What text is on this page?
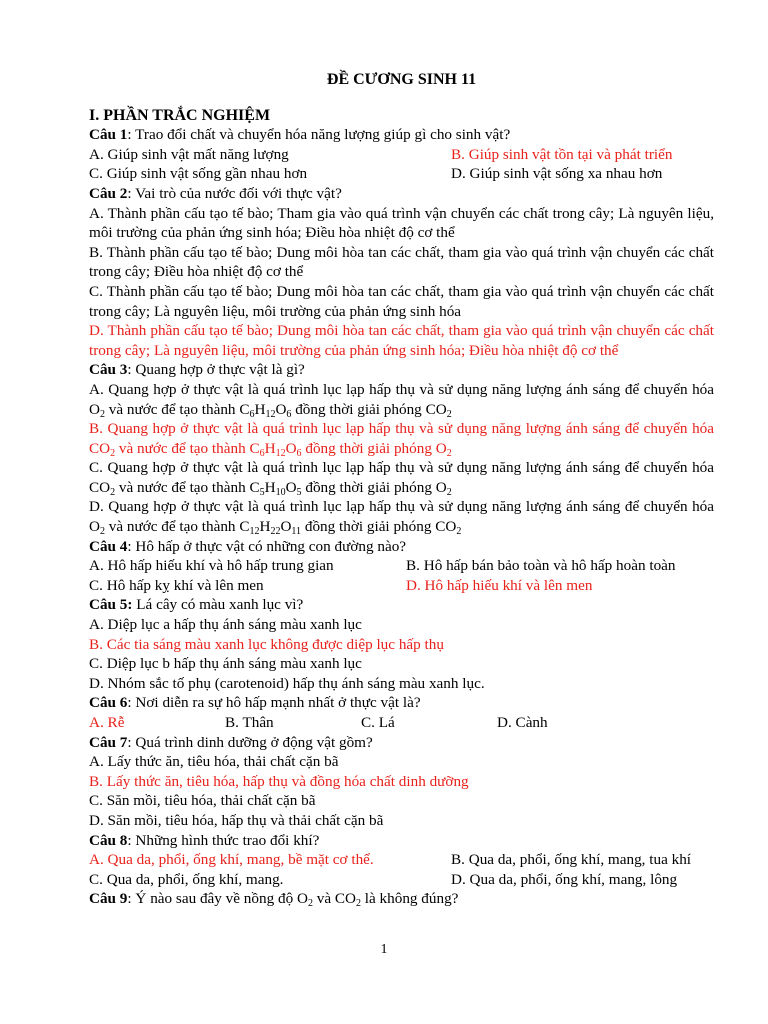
ĐỀ CƯƠNG SINH 11
I. PHẦN TRẮC NGHIỆM
Câu 1: Trao đổi chất và chuyển hóa năng lượng giúp gì cho sinh vật?
A. Giúp sinh vật mất năng lượng	B. Giúp sinh vật tồn tại và phát triển
C. Giúp sinh vật sống gần nhau hơn	D. Giúp sinh vật sống xa nhau hơn
Câu 2: Vai trò của nước đối với thực vật?
A. Thành phần cấu tạo tế bào; Tham gia vào quá trình vận chuyển các chất trong cây; Là nguyên liệu, môi trường của phản ứng sinh hóa; Điều hòa nhiệt độ cơ thể
B. Thành phần cấu tạo tế bào; Dung môi hòa tan các chất, tham gia vào quá trình vận chuyển các chất trong cây; Điều hòa nhiệt độ cơ thể
C. Thành phần cấu tạo tế bào; Dung môi hòa tan các chất, tham gia vào quá trình vận chuyển các chất trong cây; Là nguyên liệu, môi trường của phản ứng sinh hóa
D. Thành phần cấu tạo tế bào; Dung môi hòa tan các chất, tham gia vào quá trình vận chuyển các chất trong cây; Là nguyên liệu, môi trường của phản ứng sinh hóa; Điều hòa nhiệt độ cơ thể
Câu 3: Quang hợp ở thực vật là gì?
A. Quang hợp ở thực vật là quá trình lục lạp hấp thụ và sử dụng năng lượng ánh sáng để chuyển hóa $O_2$ và nước để tạo thành $C_6H_{12}O_6$ đồng thời giải phóng $CO_2$
B. Quang hợp ở thực vật là quá trình lục lạp hấp thụ và sử dụng năng lượng ánh sáng để chuyển hóa $CO_2$ và nước để tạo thành $C_6H_{12}O_6$ đồng thời giải phóng $O_2$
C. Quang hợp ở thực vật là quá trình lục lạp hấp thụ và sử dụng năng lượng ánh sáng để chuyển hóa $CO_2$ và nước để tạo thành $C_5H_{10}O_5$ đồng thời giải phóng $O_2$
D. Quang hợp ở thực vật là quá trình lục lạp hấp thụ và sử dụng năng lượng ánh sáng để chuyển hóa $O_2$ và nước để tạo thành $C_{12}H_{22}O_{11}$ đồng thời giải phóng $CO_2$
Câu 4: Hô hấp ở thực vật có những con đường nào?
A. Hô hấp hiếu khí và hô hấp trung gian	B. Hô hấp bán bảo toàn và hô hấp hoàn toàn
C. Hô hấp kỵ khí và lên men	D. Hô hấp hiếu khí và lên men
Câu 5: Lá cây có màu xanh lục vì?
A. Diệp lục a hấp thụ ánh sáng màu xanh lục
B. Các tia sáng màu xanh lục không được diệp lục hấp thụ
C. Diệp lục b hấp thụ ánh sáng màu xanh lục
D. Nhóm sắc tố phụ (carotenoid) hấp thụ ánh sáng màu xanh lục.
Câu 6: Nơi diễn ra sự hô hấp mạnh nhất ở thực vật là?
A. Rễ	B. Thân	C. Lá	D. Cành
Câu 7: Quá trình dinh dưỡng ở động vật gồm?
A. Lấy thức ăn, tiêu hóa, thải chất cặn bã
B. Lấy thức ăn, tiêu hóa, hấp thụ và đồng hóa chất dinh dưỡng
C. Săn mồi, tiêu hóa, thải chất cặn bã
D. Săn mồi, tiêu hóa, hấp thụ và thải chất cặn bã
Câu 8: Những hình thức trao đổi khí?
A. Qua da, phổi, ống khí, mang, bề mặt cơ thể.	B. Qua da, phổi, ống khí, mang, tua khí
C. Qua da, phổi, ống khí, mang.	D. Qua da, phổi, ống khí, mang, lông
Câu 9: Ý nào sau đây về nồng độ $O_2$ và $CO_2$ là không đúng?
1
